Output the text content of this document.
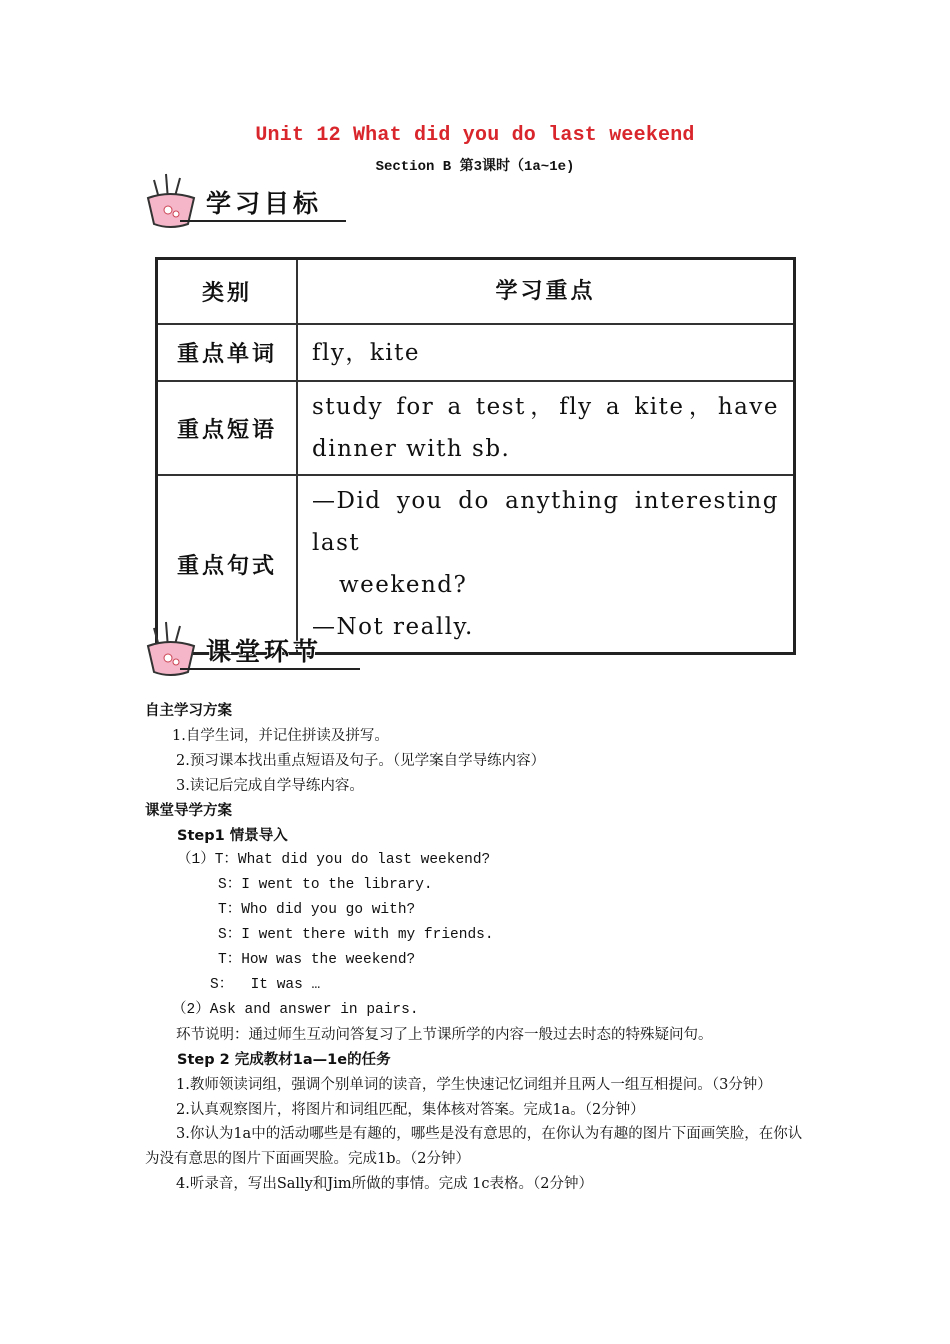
Unit 12 What did you do last weekend
Section B 第3课时（1a~1e)
学习目标
类别	学习重点
重点单词	fly，kite
重点短语	study for a test，fly a kite，have dinner with sb.
重点句式	—Did you do anything interesting last
weekend?
—Not really.
课堂环节

自主学习方案

1.自学生词，并记住拼读及拼写。

2.预习课本找出重点短语及句子。（见学案自学导练内容）

3.读记后完成自学导练内容。

课堂导学方案

Step1 情景导入

（1）T：What did you do last weekend?

S：I went to the library.

T：Who did you go with?

S：I went there with my friends.

T：How was the weekend?

S：  It was …

（2）Ask and answer in pairs.

环节说明：通过师生互动问答复习了上节课所学的内容一般过去时态的特殊疑问句。

Step 2 完成教材1a—1e的任务

1.教师领读词组，强调个别单词的读音，学生快速记忆词组并且两人一组互相提问。（3分钟）

2.认真观察图片，将图片和词组匹配，集体核对答案。完成1a。（2分钟）

3.你认为1a中的活动哪些是有趣的，哪些是没有意思的，在你认为有趣的图片下面画笑脸，在你认为没有意思的图片下面画哭脸。完成1b。（2分钟）

4.听录音，写出Sally和Jim所做的事情。完成 1c表格。（2分钟）
